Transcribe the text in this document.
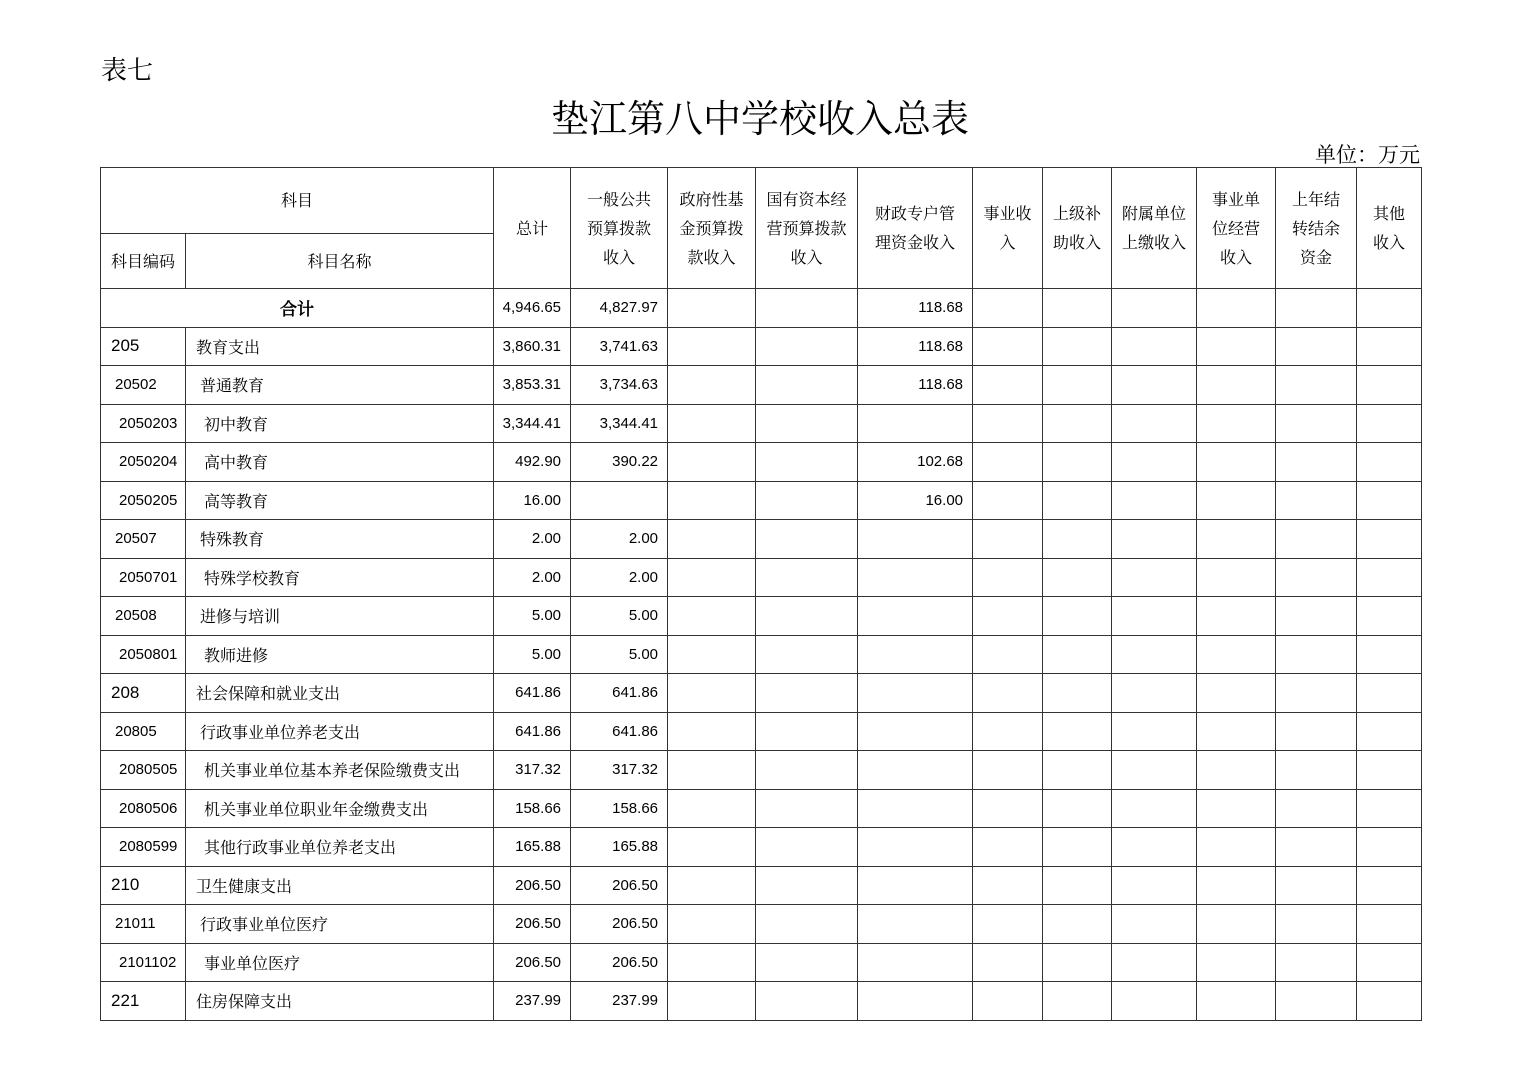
表七
垫江第八中学校收入总表
单位：万元
科目		总计	一般公共预算拨款收入	政府性基金预算拨款收入	国有资本经营预算拨款收入	财政专户管理资金收入	事业收入	上级补助收入	附属单位上缴收入	事业单位经营收入	上年结转结余资金	其他收入
科目编码	科目名称											
合计		4,946.65	4,827.97			118.68						
205	教育支出	3,860.31	3,741.63			118.68						
20502	普通教育	3,853.31	3,734.63			118.68						
2050203	初中教育	3,344.41	3,344.41									
2050204	高中教育	492.90	390.22			102.68						
2050205	高等教育	16.00				16.00						
20507	特殊教育	2.00	2.00									
2050701	特殊学校教育	2.00	2.00									
20508	进修与培训	5.00	5.00									
2050801	教师进修	5.00	5.00									
208	社会保障和就业支出	641.86	641.86									
20805	行政事业单位养老支出	641.86	641.86									
2080505	机关事业单位基本养老保险缴费支出	317.32	317.32									
2080506	机关事业单位职业年金缴费支出	158.66	158.66									
2080599	其他行政事业单位养老支出	165.88	165.88									
210	卫生健康支出	206.50	206.50									
21011	行政事业单位医疗	206.50	206.50									
2101102	事业单位医疗	206.50	206.50									
221	住房保障支出	237.99	237.99									
